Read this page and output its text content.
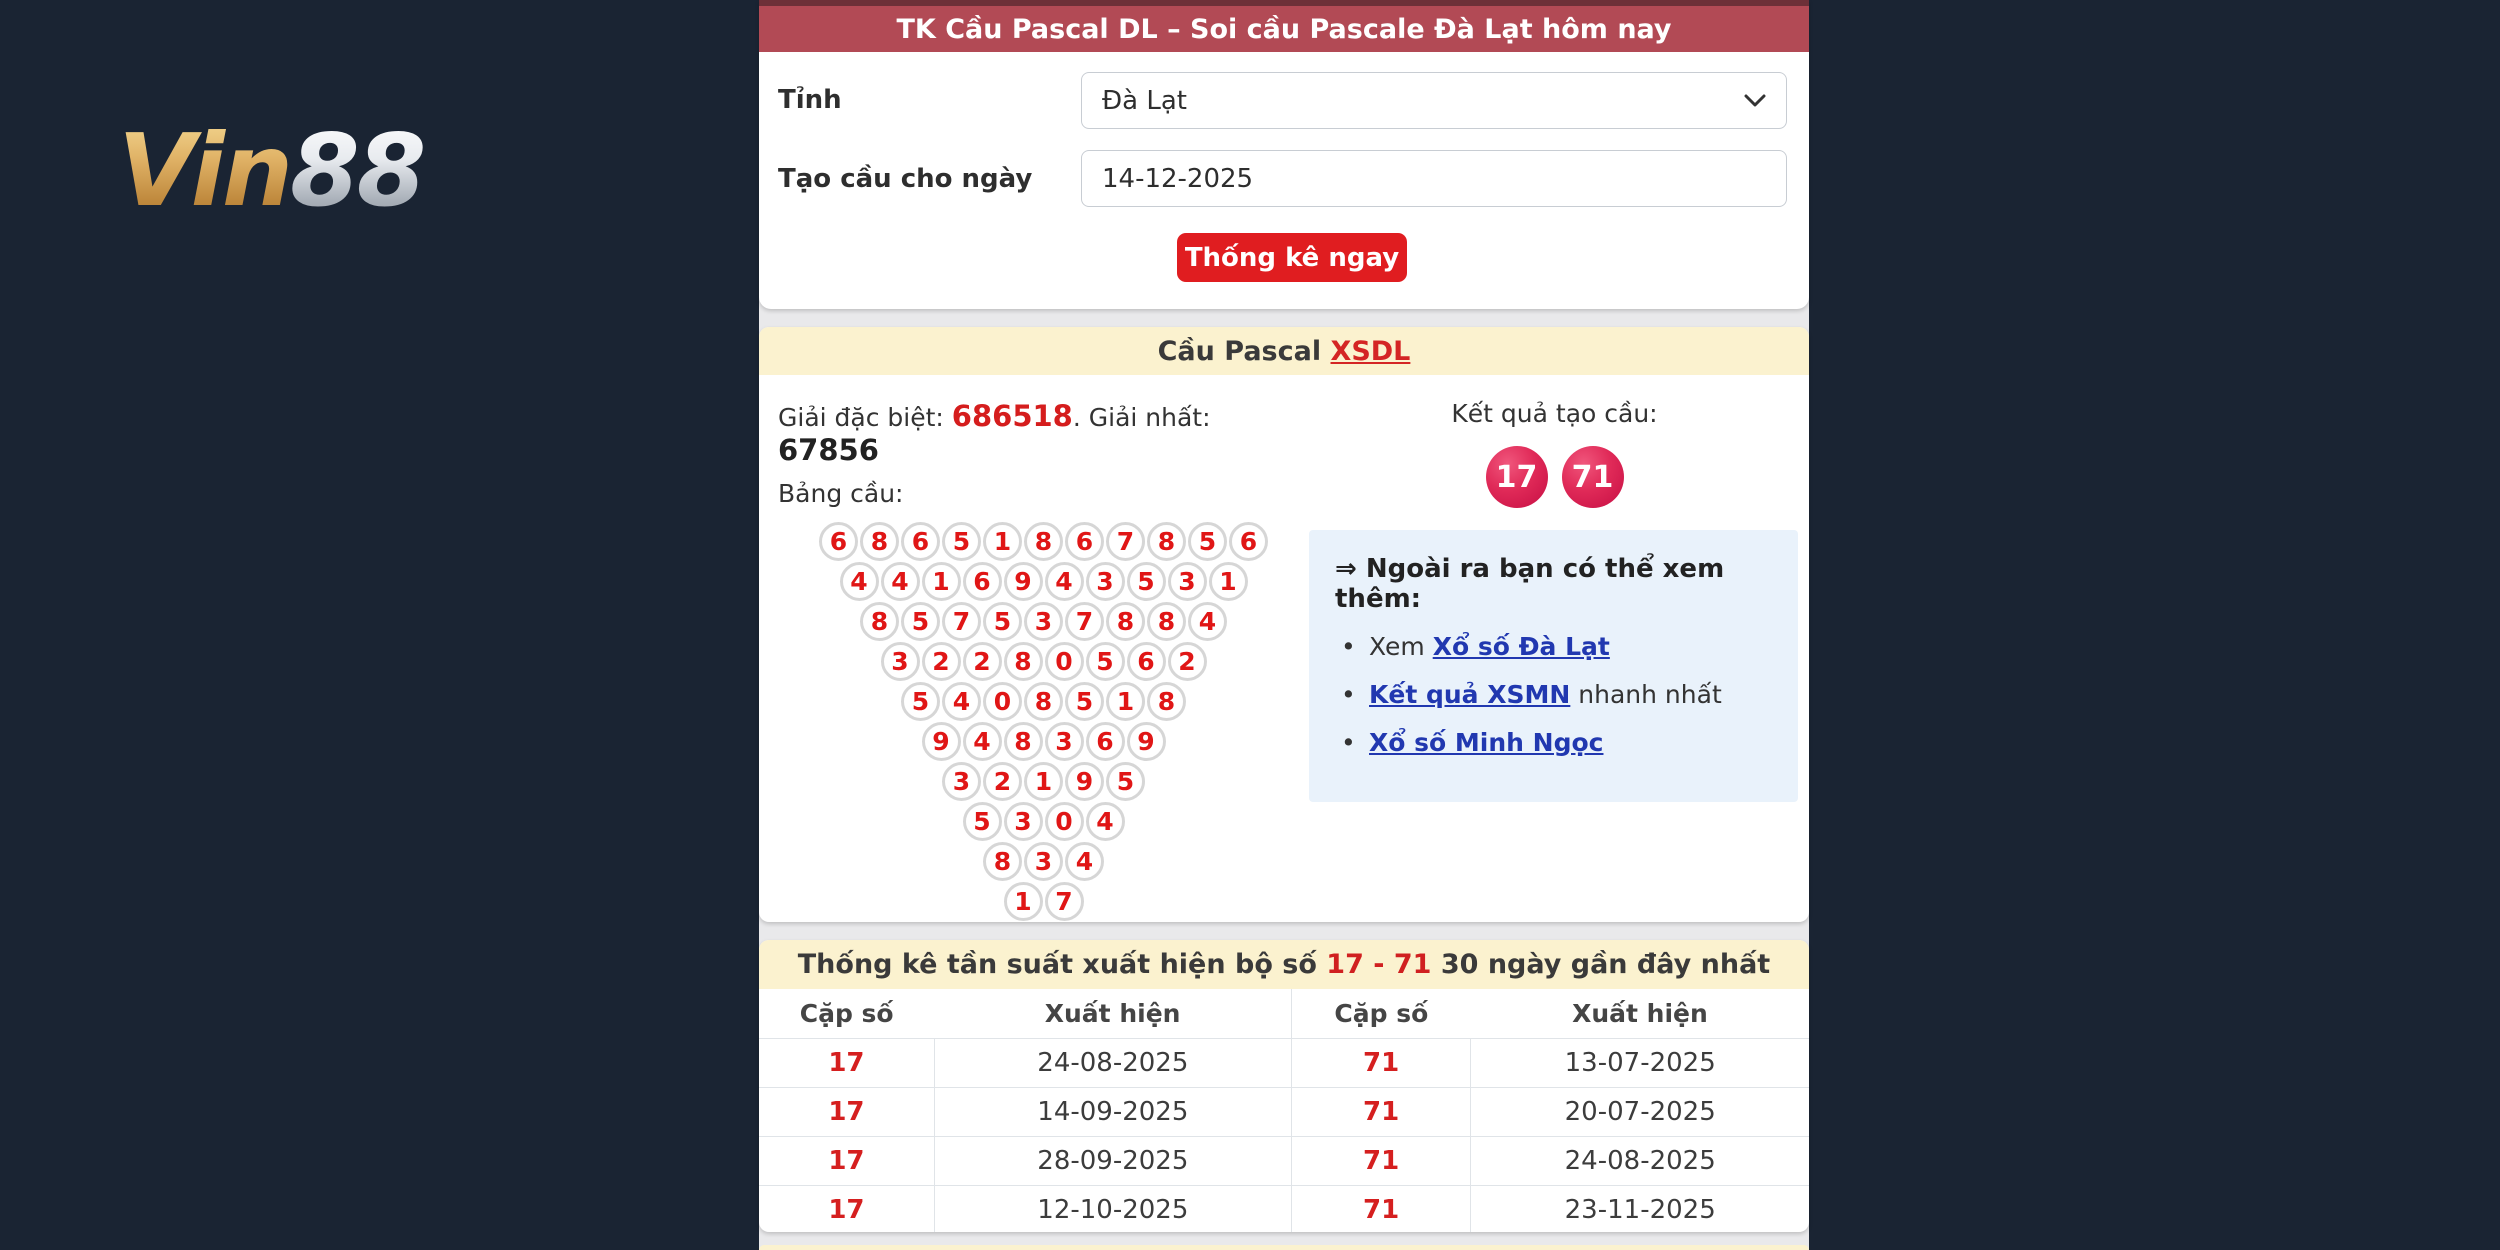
Vin88
TK Cầu Pascal DL – Soi cầu Pascale Đà Lạt hôm nay
Tỉnh	Đà Lạt
Tạo cầu cho ngày
14-12-2025
Thống kê ngay
Cầu Pascal XSDL
Giải đặc biệt: 686518. Giải nhất: 67856
Bảng cầu:
6 8 6 5 1 8 6 7 8 5 6
4 4 1 6 9 4 3 5 3 1
8 5 7 5 3 7 8 8 4
3 2 2 8 0 5 6 2
5 4 0 8 5 1 8
9 4 8 3 6 9
3 2 1 9 5
5 3 0 4
8 3 4
1 7
Kết quả tạo cầu:
17	71
⇒ Ngoài ra bạn có thể xem thêm:
• Xem Xổ số Đà Lạt
• Kết quả XSMN nhanh nhất
• Xổ số Minh Ngọc
Thống kê tần suất xuất hiện bộ số 17 - 71 30 ngày gần đây nhất
Cặp số	Xuất hiện	Cặp số	Xuất hiện
17	24-08-2025	71	13-07-2025
17	14-09-2025	71	20-07-2025
17	28-09-2025	71	24-08-2025
17	12-10-2025	71	23-11-2025
